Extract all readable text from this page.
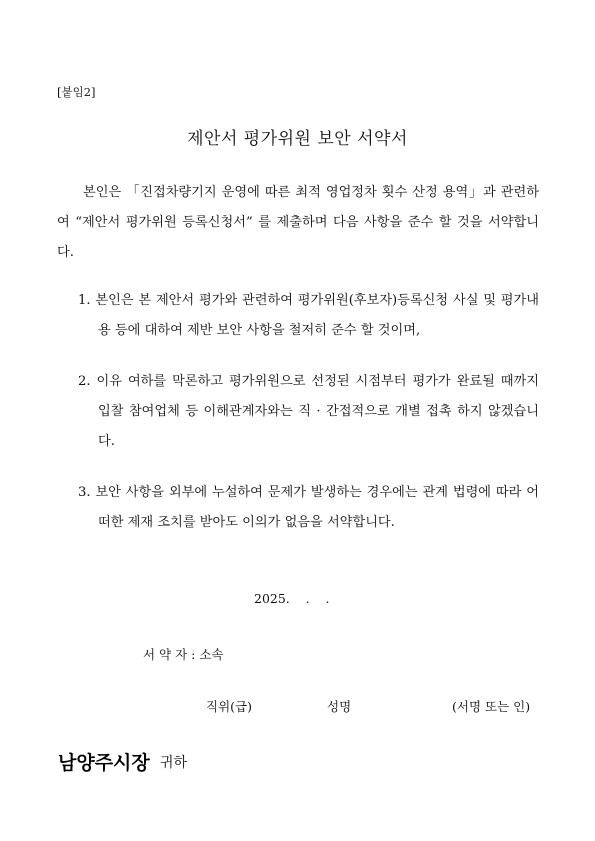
[붙임2]
제안서 평가위원 보안 서약서
본인은 「진접차량기지 운영에 따른 최적 영업정차 횟수 산정 용역」과 관련하여 “제안서 평가위원 등록신청서” 를 제출하며 다음 사항을 준수 할 것을 서약합니다.
1. 본인은 본 제안서 평가와 관련하여 평가위원(후보자)등록신청 사실 및 평가내용 등에 대하여 제반 보안 사항을 철저히 준수 할 것이며,
2. 이유 여하를 막론하고 평가위원으로 선정된 시점부터 평가가 완료될 때까지 입찰 참여업체 등 이해관계자와는 직 · 간접적으로 개별 접촉 하지 않겠습니다.
3. 보안 사항을 외부에 누설하여 문제가 발생하는 경우에는 관계 법령에 따라 어떠한 제재 조치를 받아도 이의가 없음을 서약합니다.
2025.    .    .
서 약 자 : 소속
직위(급)	성명	(서명 또는 인)
남양주시장 귀하
